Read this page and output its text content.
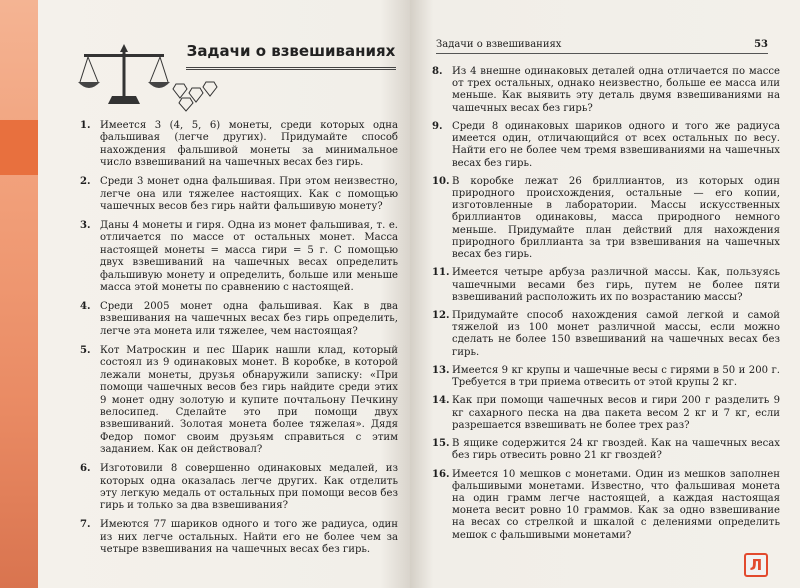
Задачи о взвешиваниях
1. Имеется 3 (4, 5, 6) монеты, среди которых одна фальшивая (легче других). Придумайте способ нахождения фальшивой монеты за минимальное число взвешиваний на чашечных весах без гирь.
2. Среди 3 монет одна фальшивая. При этом неизвестно, легче она или тяжелее настоящих. Как с помощью чашечных весов без гирь найти фальшивую монету?
3. Даны 4 монеты и гиря. Одна из монет фальшивая, т. е. отличается по массе от остальных монет. Масса настоящей монеты = масса гири = 5 г. С помощью двух взвешиваний на чашечных весах определить фальшивую монету и определить, больше или меньше масса этой монеты по сравнению с настоящей.
4. Среди 2005 монет одна фальшивая. Как в два взвешивания на чашечных весах без гирь определить, легче эта монета или тяжелее, чем настоящая?
5. Кот Матроскин и пес Шарик нашли клад, который состоял из 9 одинаковых монет. В коробке, в которой лежали монеты, друзья обнаружили записку: «При помощи чашечных весов без гирь найдите среди этих 9 монет одну золотую и купите почтальону Печкину велосипед. Сделайте это при помощи двух взвешиваний. Золотая монета более тяжелая». Дядя Федор помог своим друзьям справиться с этим заданием. Как он действовал?
6. Изготовили 8 совершенно одинаковых медалей, из которых одна оказалась легче других. Как отделить эту легкую медаль от остальных при помощи весов без гирь и только за два взвешивания?
7. Имеются 77 шариков одного и того же радиуса, один из них легче остальных. Найти его не более чем за четыре взвешивания на чашечных весах без гирь.
Задачи о взвешиваниях	53
8. Из 4 внешне одинаковых деталей одна отличается по массе от трех остальных, однако неизвестно, больше ее масса или меньше. Как выявить эту деталь двумя взвешиваниями на чашечных весах без гирь?
9. Среди 8 одинаковых шариков одного и того же радиуса имеется один, отличающийся от всех остальных по весу. Найти его не более чем тремя взвешиваниями на чашечных весах без гирь.
10. В коробке лежат 26 бриллиантов, из которых один природного происхождения, остальные — его копии, изготовленные в лаборатории. Массы искусственных бриллиантов одинаковы, масса природного немного меньше. Придумайте план действий для нахождения природного бриллианта за три взвешивания на чашечных весах без гирь.
11. Имеется четыре арбуза различной массы. Как, пользуясь чашечными весами без гирь, путем не более пяти взвешиваний расположить их по возрастанию массы?
12. Придумайте способ нахождения самой легкой и самой тяжелой из 100 монет различной массы, если можно сделать не более 150 взвешиваний на чашечных весах без гирь.
13. Имеется 9 кг крупы и чашечные весы с гирями в 50 и 200 г. Требуется в три приема отвесить от этой крупы 2 кг.
14. Как при помощи чашечных весов и гири 200 г разделить 9 кг сахарного песка на два пакета весом 2 кг и 7 кг, если разрешается взвешивать не более трех раз?
15. В ящике содержится 24 кг гвоздей. Как на чашечных весах без гирь отвесить ровно 21 кг гвоздей?
16. Имеется 10 мешков с монетами. Один из мешков заполнен фальшивыми монетами. Известно, что фальшивая монета на один грамм легче настоящей, а каждая настоящая монета весит ровно 10 граммов. Как за одно взвешивание на весах со стрелкой и шкалой с делениями определить мешок с фальшивыми монетами?
Л
